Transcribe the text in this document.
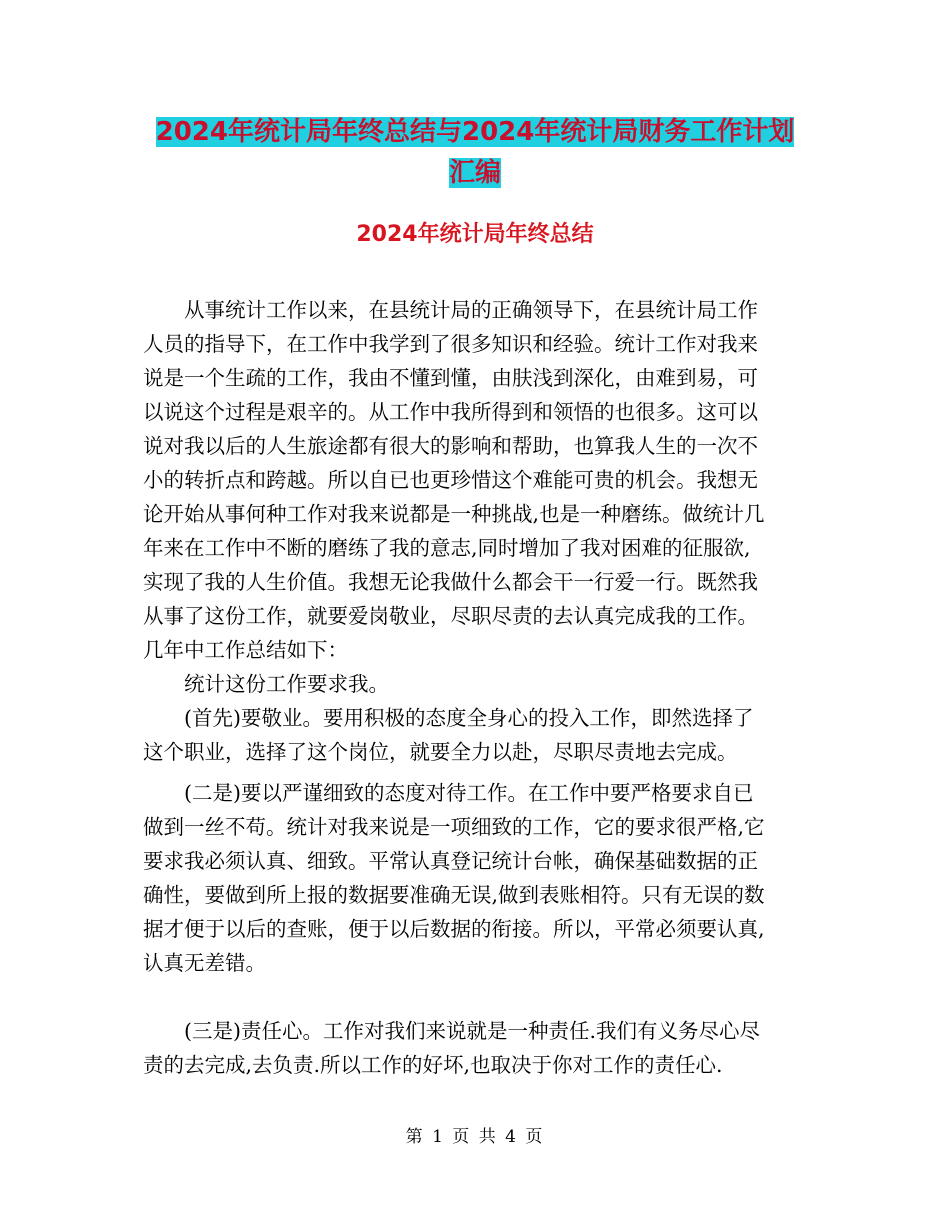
2024年统计局年终总结与2024年统计局财务工作计划
汇编
2024年统计局年终总结
　　从事统计工作以来，在县统计局的正确领导下，在县统计局工作
人员的指导下，在工作中我学到了很多知识和经验。统计工作对我来
说是一个生疏的工作，我由不懂到懂，由肤浅到深化，由难到易，可
以说这个过程是艰辛的。从工作中我所得到和领悟的也很多。这可以
说对我以后的人生旅途都有很大的影响和帮助，也算我人生的一次不
小的转折点和跨越。所以自已也更珍惜这个难能可贵的机会。我想无
论开始从事何种工作对我来说都是一种挑战,也是一种磨练。做统计几
年来在工作中不断的磨练了我的意志,同时增加了我对困难的征服欲,
实现了我的人生价值。我想无论我做什么都会干一行爱一行。既然我
从事了这份工作，就要爱岗敬业，尽职尽责的去认真完成我的工作。
几年中工作总结如下：
　　统计这份工作要求我。
　　(首先)要敬业。要用积极的态度全身心的投入工作，即然选择了
这个职业，选择了这个岗位，就要全力以赴，尽职尽责地去完成。
　　(二是)要以严谨细致的态度对待工作。在工作中要严格要求自已
做到一丝不苟。统计对我来说是一项细致的工作，它的要求很严格,它
要求我必须认真、细致。平常认真登记统计台帐，确保基础数据的正
确性，要做到所上报的数据要准确无误,做到表账相符。只有无误的数
据才便于以后的查账，便于以后数据的衔接。所以，平常必须要认真,
认真无差错。
　　(三是)责任心。工作对我们来说就是一种责任.我们有义务尽心尽
责的去完成,去负责.所以工作的好坏,也取决于你对工作的责任心.
第 1 页 共 4 页
